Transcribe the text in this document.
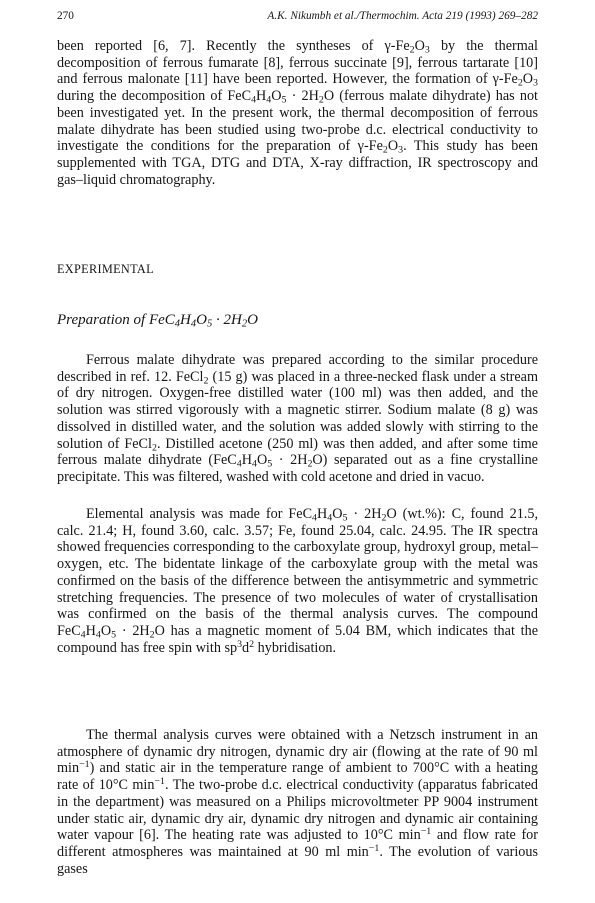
270	A.K. Nikumbh et al./Thermochim. Acta 219 (1993) 269–282

been reported [6, 7]. Recently the syntheses of $\gamma-Fe_2O_3$ by the thermal decomposition of ferrous fumarate [8], ferrous succinate [9], ferrous tartarate [10] and ferrous malonate [11] have been reported. However, the formation of $\gamma-Fe_2O_3$ during the decomposition of $FeC_4H_4O_5 \cdot 2H_2O$ (ferrous malate dihydrate) has not been investigated yet. In the present work, the thermal decomposition of ferrous malate dihydrate has been studied using two-probe d.c. electrical conductivity to investigate the conditions for the preparation of $\gamma-Fe_2O_3$. This study has been supplemented with TGA, DTG and DTA, X-ray diffraction, IR spectroscopy and gas–liquid chromatography.

EXPERIMENTAL
Preparation of $FeC_4H_4O_5 \cdot 2H_2O$

Ferrous malate dihydrate was prepared according to the similar procedure described in ref. 12. FeCl$_2$ (15 g) was placed in a three-necked flask under a stream of dry nitrogen. Oxygen-free distilled water (100 ml) was then added, and the solution was stirred vigorously with a magnetic stirrer. Sodium malate (8 g) was dissolved in distilled water, and the solution was added slowly with stirring to the solution of FeCl$_2$. Distilled acetone (250 ml) was then added, and after some time ferrous malate dihydrate $(FeC_4H_4O_5 \cdot 2H_2O)$ separated out as a fine crystalline precipitate. This was filtered, washed with cold acetone and dried in vacuo.

Elemental analysis was made for $FeC_4H_4O_5 \cdot 2H_2O$ (wt.%): C, found 21.5, calc. 21.4; H, found 3.60, calc. 3.57; Fe, found 25.04, calc. 24.95. The IR spectra showed frequencies corresponding to the carboxylate group, hydroxyl group, metal–oxygen, etc. The bidentate linkage of the carboxylate group with the metal was confirmed on the basis of the difference between the antisymmetric and symmetric stretching frequencies. The presence of two molecules of water of crystallisation was confirmed on the basis of the thermal analysis curves. The compound $FeC_4H_4O_5 \cdot 2H_2O$ has a magnetic moment of 5.04 BM, which indicates that the compound has free spin with $sp^3d^2$ hybridisation.

The thermal analysis curves were obtained with a Netzsch instrument in an atmosphere of dynamic dry nitrogen, dynamic dry air (flowing at the rate of 90 ml $\min^{-1}$) and static air in the temperature range of ambient to 700°C with a heating rate of 10°C $\min^{-1}$. The two-probe d.c. electrical conductivity (apparatus fabricated in the department) was measured on a Philips microvoltmeter PP 9004 instrument under static air, dynamic dry air, dynamic dry nitrogen and dynamic air containing water vapour [6]. The heating rate was adjusted to 10°C $\min^{-1}$ and flow rate for different atmospheres was maintained at 90 ml $\min^{-1}$. The evolution of various gases
